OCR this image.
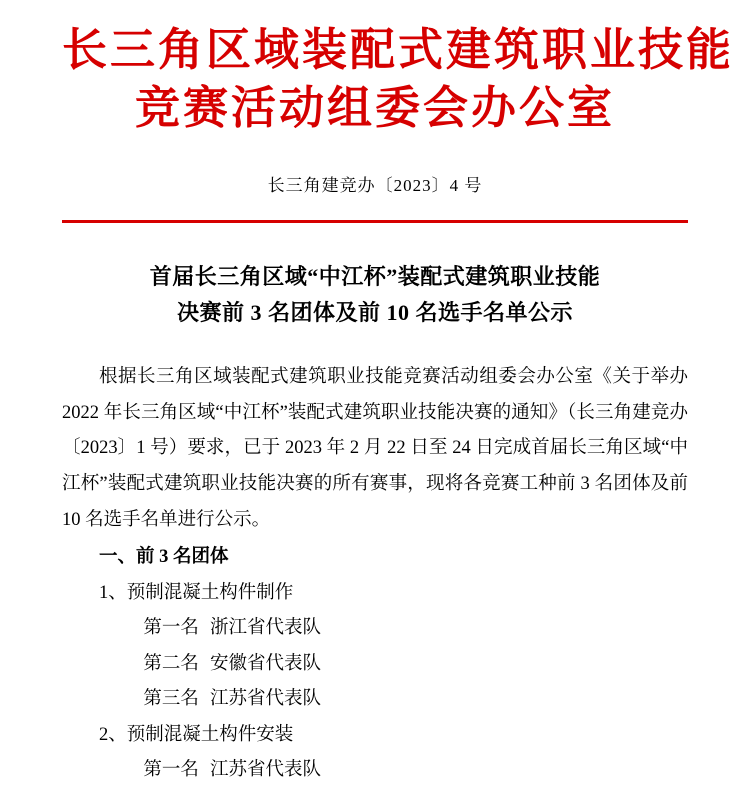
长三角区域装配式建筑职业技能
竞赛活动组委会办公室
长三角建竞办〔2023〕4 号
首届长三角区域“中江杯”装配式建筑职业技能
决赛前 3 名团体及前 10 名选手名单公示

根据长三角区域装配式建筑职业技能竞赛活动组委会办公室《关于举办 2022 年长三角区域“中江杯”装配式建筑职业技能决赛的通知》（长三角建竞办〔2023〕1 号）要求，已于 2023 年 2 月 22 日至 24 日完成首届长三角区域“中江杯”装配式建筑职业技能决赛的所有赛事，现将各竞赛工种前 3 名团体及前 10 名选手名单进行公示。

一、前 3 名团体

1、预制混凝土构件制作

第一名 浙江省代表队

第二名 安徽省代表队

第三名 江苏省代表队

2、预制混凝土构件安装

第一名 江苏省代表队
